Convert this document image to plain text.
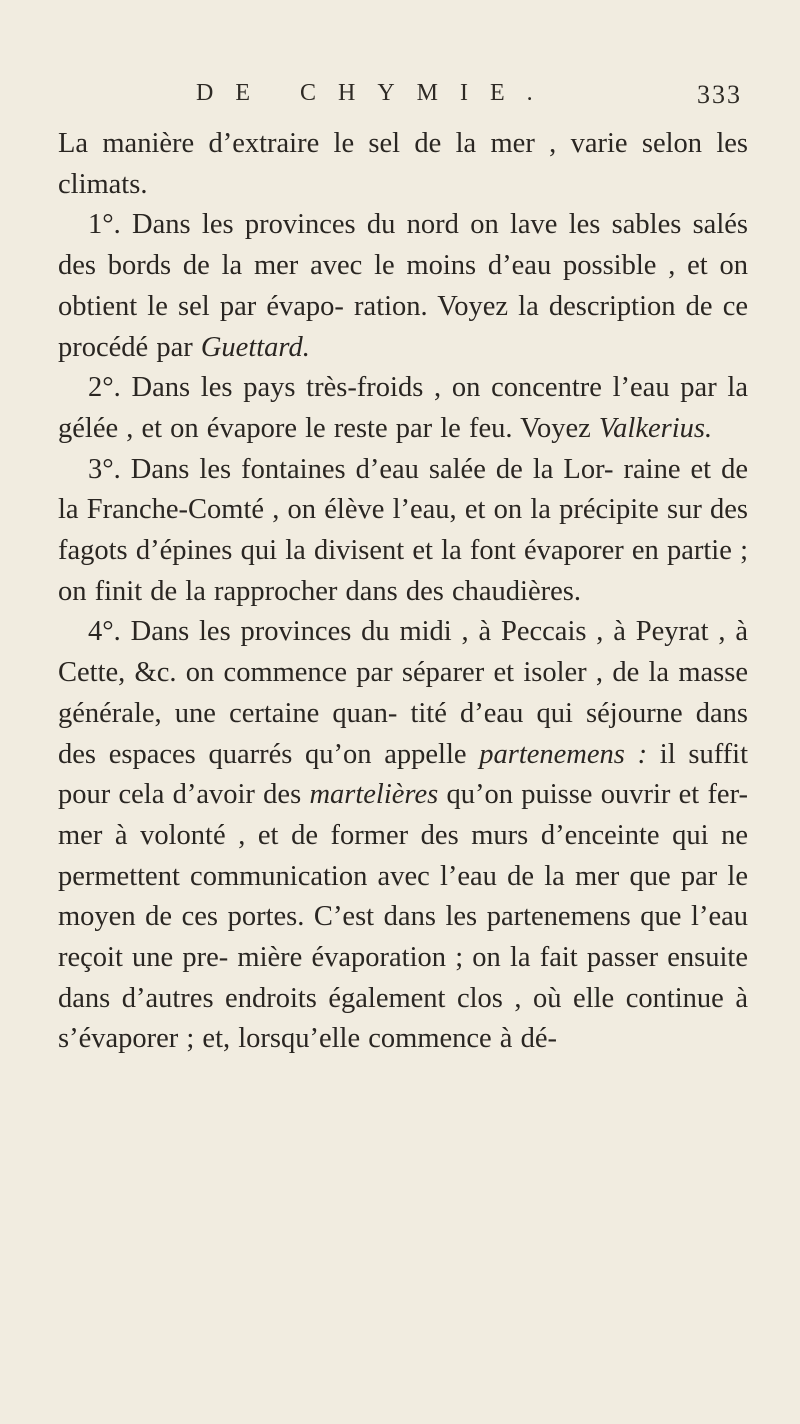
DE CHYMIE.	333

La manière d’extraire le sel de la mer , varie selon les climats.

1°. Dans les provinces du nord on lave les sables salés des bords de la mer avec le moins d’eau possible , et on obtient le sel par évapo- ration. Voyez la description de ce procédé par Guettard.

2°. Dans les pays très-froids , on concentre l’eau par la gélée , et on évapore le reste par le feu. Voyez Valkerius.

3°. Dans les fontaines d’eau salée de la Lor- raine et de la Franche-Comté , on élève l’eau, et on la précipite sur des fagots d’épines qui la divisent et la font évaporer en partie ; on finit de la rapprocher dans des chaudières.

4°. Dans les provinces du midi , à Peccais , à Peyrat , à Cette, &c. on commence par séparer et isoler , de la masse générale, une certaine quan- tité d’eau qui séjourne dans des espaces quarrés qu’on appelle partenemens : il suffit pour cela d’avoir des martelières qu’on puisse ouvrir et fer- mer à volonté , et de former des murs d’enceinte qui ne permettent communication avec l’eau de la mer que par le moyen de ces portes. C’est dans les partenemens que l’eau reçoit une pre- mière évaporation ; on la fait passer ensuite dans d’autres endroits également clos , où elle continue à s’évaporer ; et, lorsqu’elle commence à dé-
